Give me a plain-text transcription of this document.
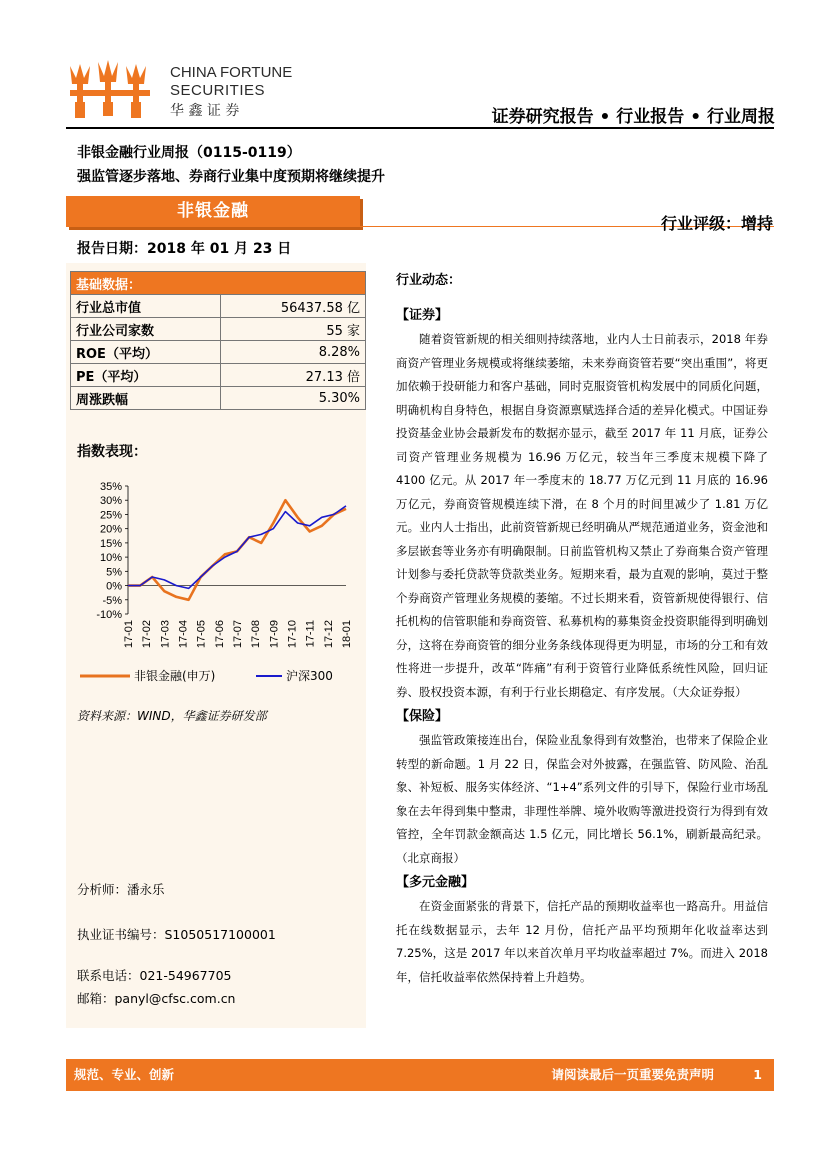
CHINA FORTUNE
SECURITIES
华 鑫 证 券	证券研究报告 • 行业报告 • 行业周报
非银金融行业周报（0115-0119）
强监管逐步落地、券商行业集中度预期将继续提升
非银金融
行业评级：增持
报告日期：2018 年 01 月 23 日
基础数据：	
行业总市值	56437.58 亿
行业公司家数	55 家
ROE（平均）	8.28%
PE（平均）	27.13 倍
周涨跌幅	5.30%
指数表现：
35%
30%
25%
20%
15%
10%
5%
0%
-5%
-10%
17-01 17-02 17-03 17-04 17-05 17-06 17-07 17-08 17-09 17-10 17-11 17-12 18-01
非银金融(申万)	沪深300
资料来源：WIND，华鑫证券研发部
分析师：潘永乐
执业证书编号：S1050517100001
联系电话：021-54967705
邮箱：panyl@cfsc.com.cn
行业动态：
【证券】

随着资管新规的相关细则持续落地，业内人士日前表示，2018 年券商资产管理业务规模或将继续萎缩，未来券商资管若要“突出重围”，将更加依赖于投研能力和客户基础，同时克服资管机构发展中的同质化问题，明确机构自身特色，根据自身资源禀赋选择合适的差异化模式。中国证券投资基金业协会最新发布的数据亦显示，截至 2017 年 11 月底，证券公司资产管理业务规模为 16.96 万亿元，较当年三季度末规模下降了 4100 亿元。从 2017 年一季度末的 18.77 万亿元到 11 月底的 16.96 万亿元，券商资管规模连续下滑，在 8 个月的时间里减少了 1.81 万亿元。业内人士指出，此前资管新规已经明确从严规范通道业务，资金池和多层嵌套等业务亦有明确限制。日前监管机构又禁止了券商集合资产管理计划参与委托贷款等贷款类业务。短期来看，最为直观的影响，莫过于整个券商资产管理业务规模的萎缩。不过长期来看，资管新规使得银行、信托机构的信管职能和券商资管、私募机构的募集资金投资职能得到明确划分，这将在券商资管的细分业务条线体现得更为明显，市场的分工和有效性将进一步提升，改革“阵痛”有利于资管行业降低系统性风险，回归证券、股权投资本源，有利于行业长期稳定、有序发展。（大众证券报）

【保险】

强监管政策接连出台，保险业乱象得到有效整治，也带来了保险企业转型的新命题。1 月 22 日，保监会对外披露，在强监管、防风险、治乱象、补短板、服务实体经济、“1+4”系列文件的引导下，保险行业市场乱象在去年得到集中整肃，非理性举牌、境外收购等激进投资行为得到有效管控，全年罚款金额高达 1.5 亿元，同比增长 56.1%，刷新最高纪录。（北京商报）

【多元金融】

在资金面紧张的背景下，信托产品的预期收益率也一路高升。用益信托在线数据显示，去年 12 月份，信托产品平均预期年化收益率达到 7.25%，这是 2017 年以来首次单月平均收益率超过 7%。而进入 2018 年，信托收益率依然保持着上升趋势。

规范、专业、创新	请阅读最后一页重要免责声明	1
